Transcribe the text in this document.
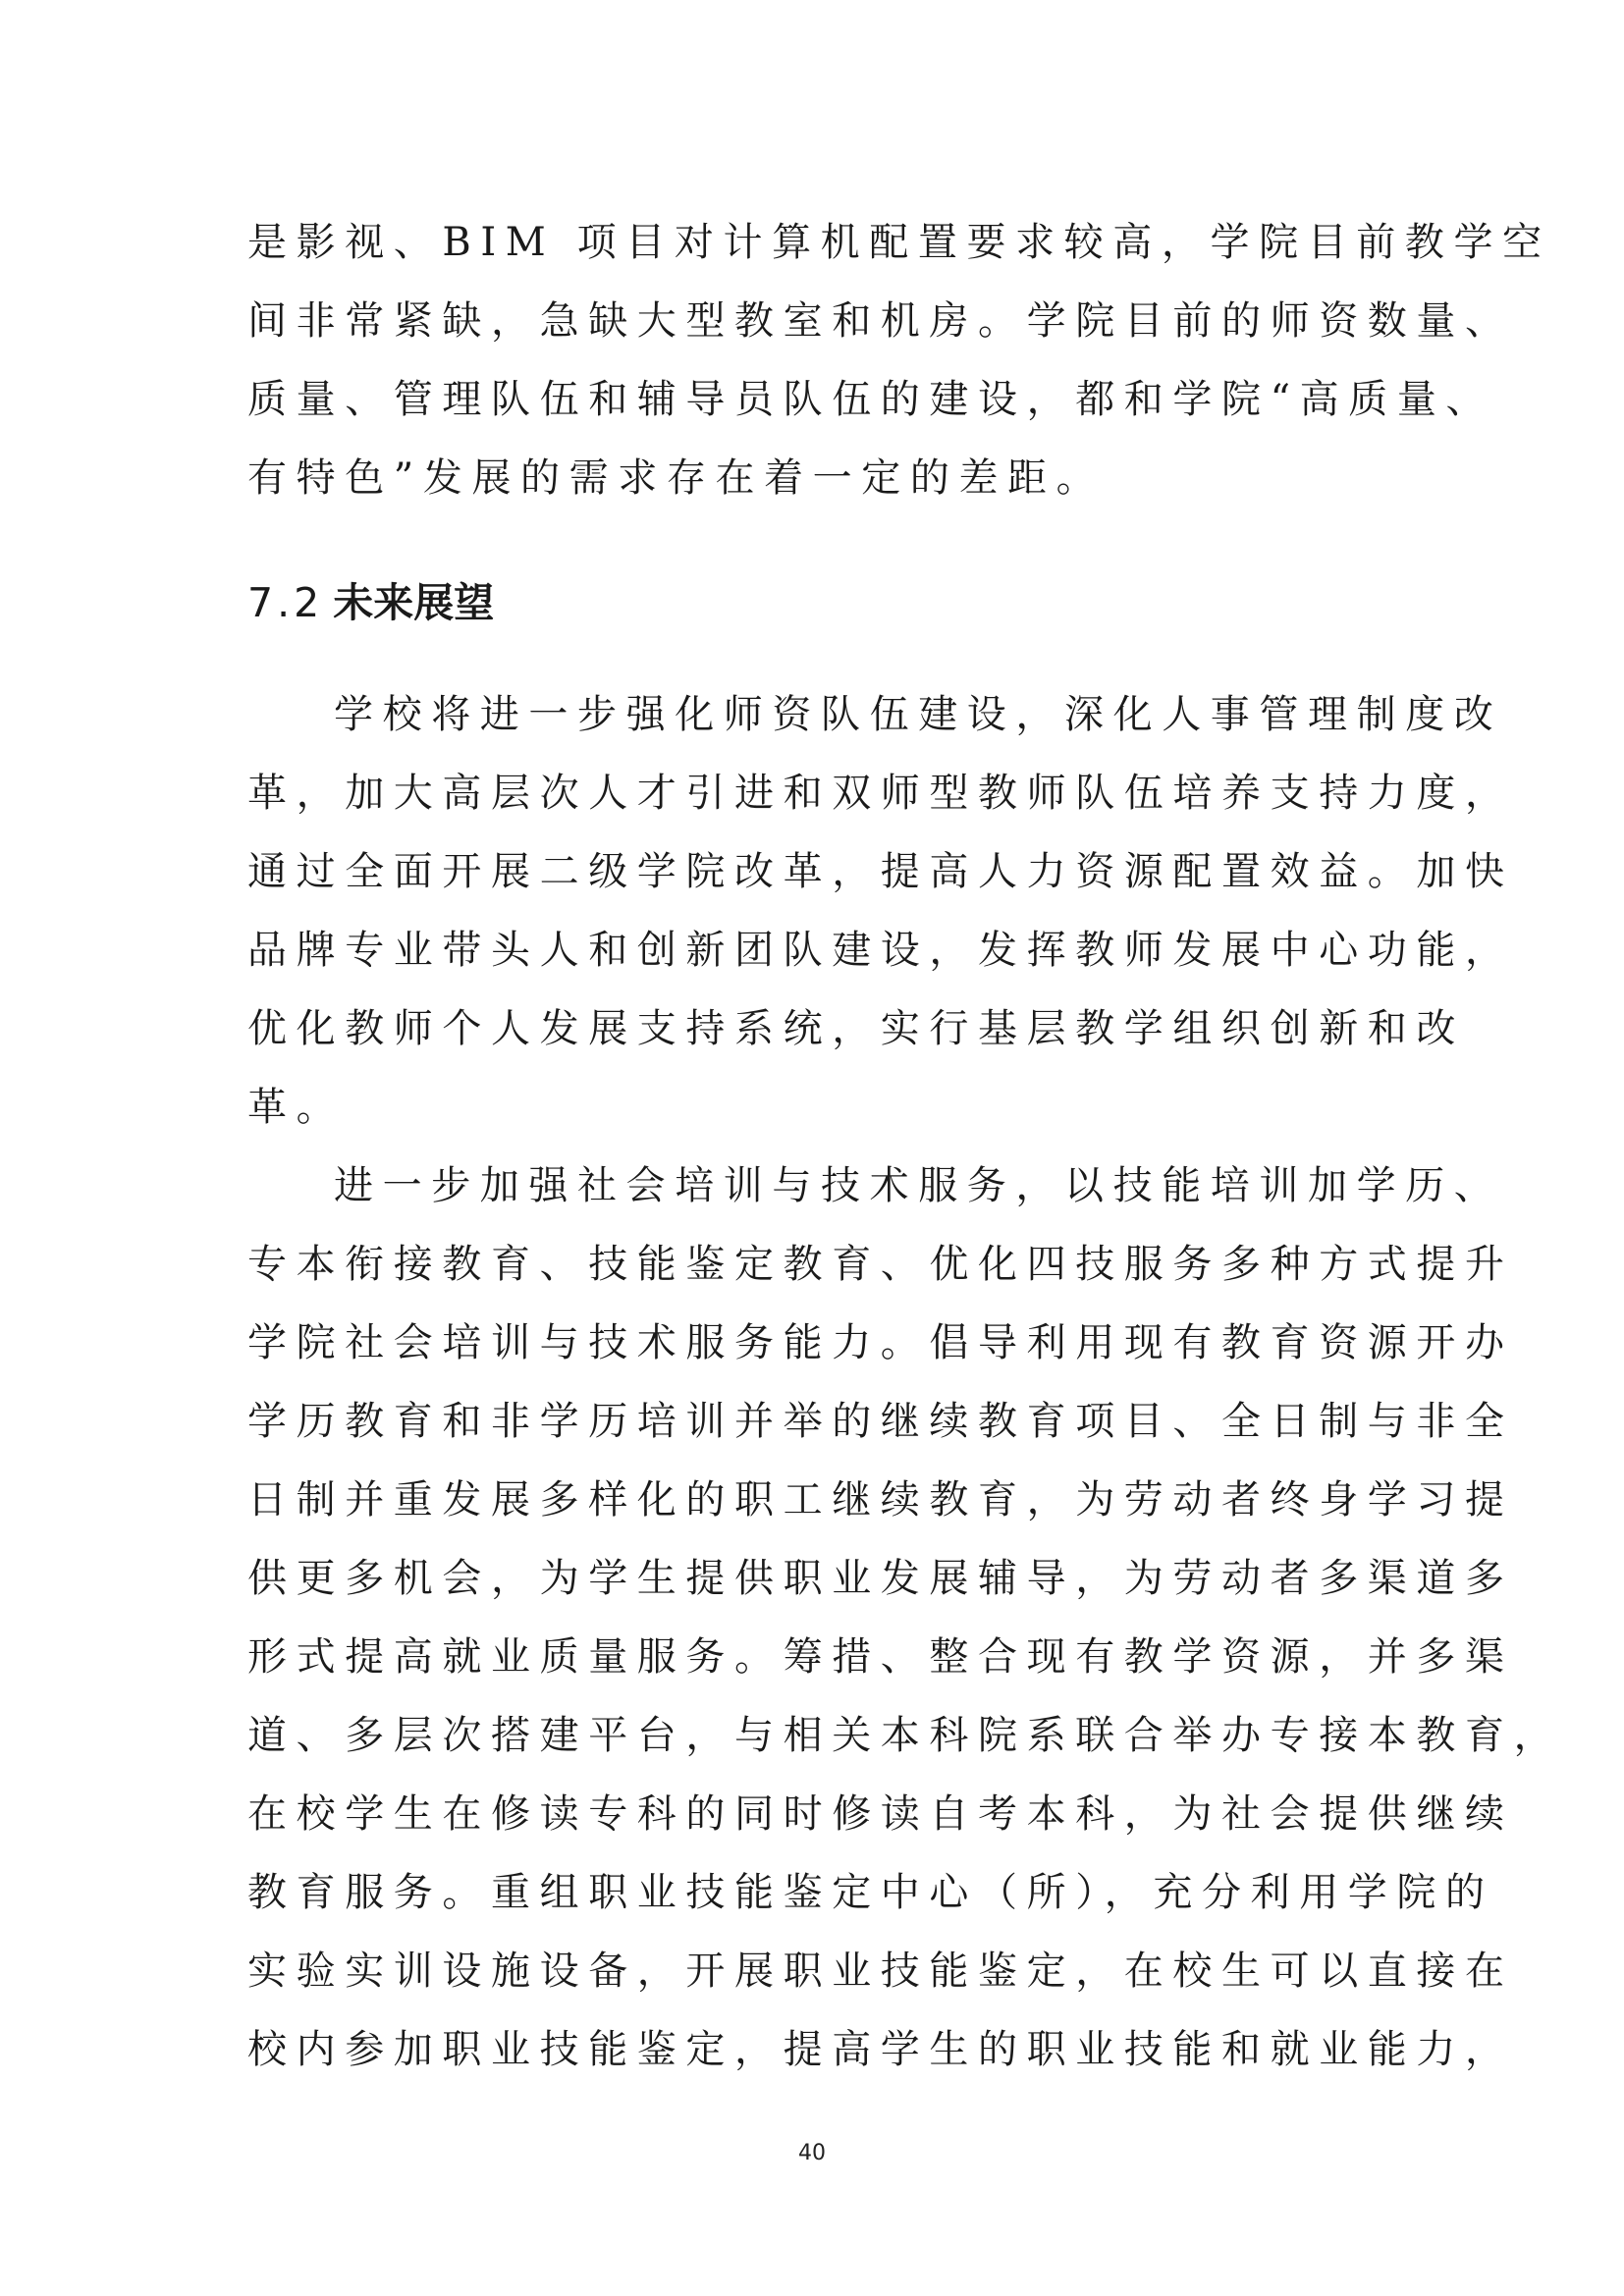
是影视、BIM 项目对计算机配置要求较高，学院目前教学空
间非常紧缺，急缺大型教室和机房。学院目前的师资数量、
质量、管理队伍和辅导员队伍的建设，都和学院“高质量、
有特色”发展的需求存在着一定的差距。
7.2 未来展望
学校将进一步强化师资队伍建设，深化人事管理制度改
革，加大高层次人才引进和双师型教师队伍培养支持力度，
通过全面开展二级学院改革，提高人力资源配置效益。加快
品牌专业带头人和创新团队建设，发挥教师发展中心功能，
优化教师个人发展支持系统，实行基层教学组织创新和改
革。
进一步加强社会培训与技术服务，以技能培训加学历、
专本衔接教育、技能鉴定教育、优化四技服务多种方式提升
学院社会培训与技术服务能力。倡导利用现有教育资源开办
学历教育和非学历培训并举的继续教育项目、全日制与非全
日制并重发展多样化的职工继续教育，为劳动者终身学习提
供更多机会，为学生提供职业发展辅导，为劳动者多渠道多
形式提高就业质量服务。筹措、整合现有教学资源，并多渠
道、多层次搭建平台，与相关本科院系联合举办专接本教育，
在校学生在修读专科的同时修读自考本科，为社会提供继续
教育服务。重组职业技能鉴定中心（所），充分利用学院的
实验实训设施设备，开展职业技能鉴定，在校生可以直接在
校内参加职业技能鉴定，提高学生的职业技能和就业能力，
40
